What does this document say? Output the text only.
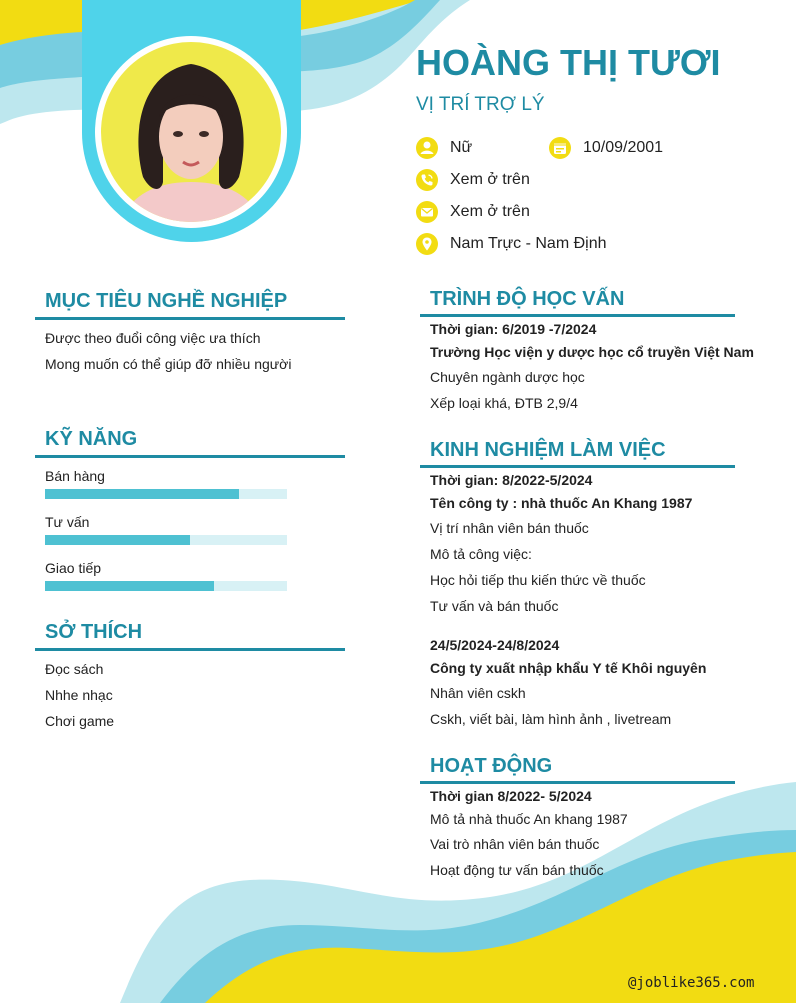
HOÀNG THỊ TƯƠI
VỊ TRÍ TRỢ LÝ
Nữ	10/09/2001
Xem ở trên
Xem ở trên
Nam Trực - Nam Định
MỤC TIÊU NGHỀ NGHIỆP
Được theo đuổi công việc ưa thích
Mong muốn có thể giúp đỡ nhiều người
KỸ NĂNG
Bán hàng
Tư vấn
Giao tiếp
SỞ THÍCH
Đọc sách
Nhhe nhạc
Chơi game
TRÌNH ĐỘ HỌC VẤN
Thời gian: 6/2019 -7/2024
Trường Học viện y dược học cổ truyền Việt Nam
Chuyên ngành dược học
Xếp loại khá, ĐTB 2,9/4
KINH NGHIỆM LÀM VIỆC
Thời gian: 8/2022-5/2024
Tên công ty : nhà thuốc An Khang 1987
Vị trí nhân viên bán thuốc
Mô tả công việc:
Học hỏi tiếp thu kiến thức về thuốc
Tư vấn và bán thuốc
24/5/2024-24/8/2024
Công ty xuất nhập khẩu Y tế Khôi nguyên
Nhân viên cskh
Cskh, viết bài, làm hình ảnh , livetream
HOẠT ĐỘNG
Thời gian 8/2022- 5/2024
Mô tả nhà thuốc An khang 1987
Vai trò nhân viên bán thuốc
Hoạt động tư vấn bán thuốc
@joblike365.com
